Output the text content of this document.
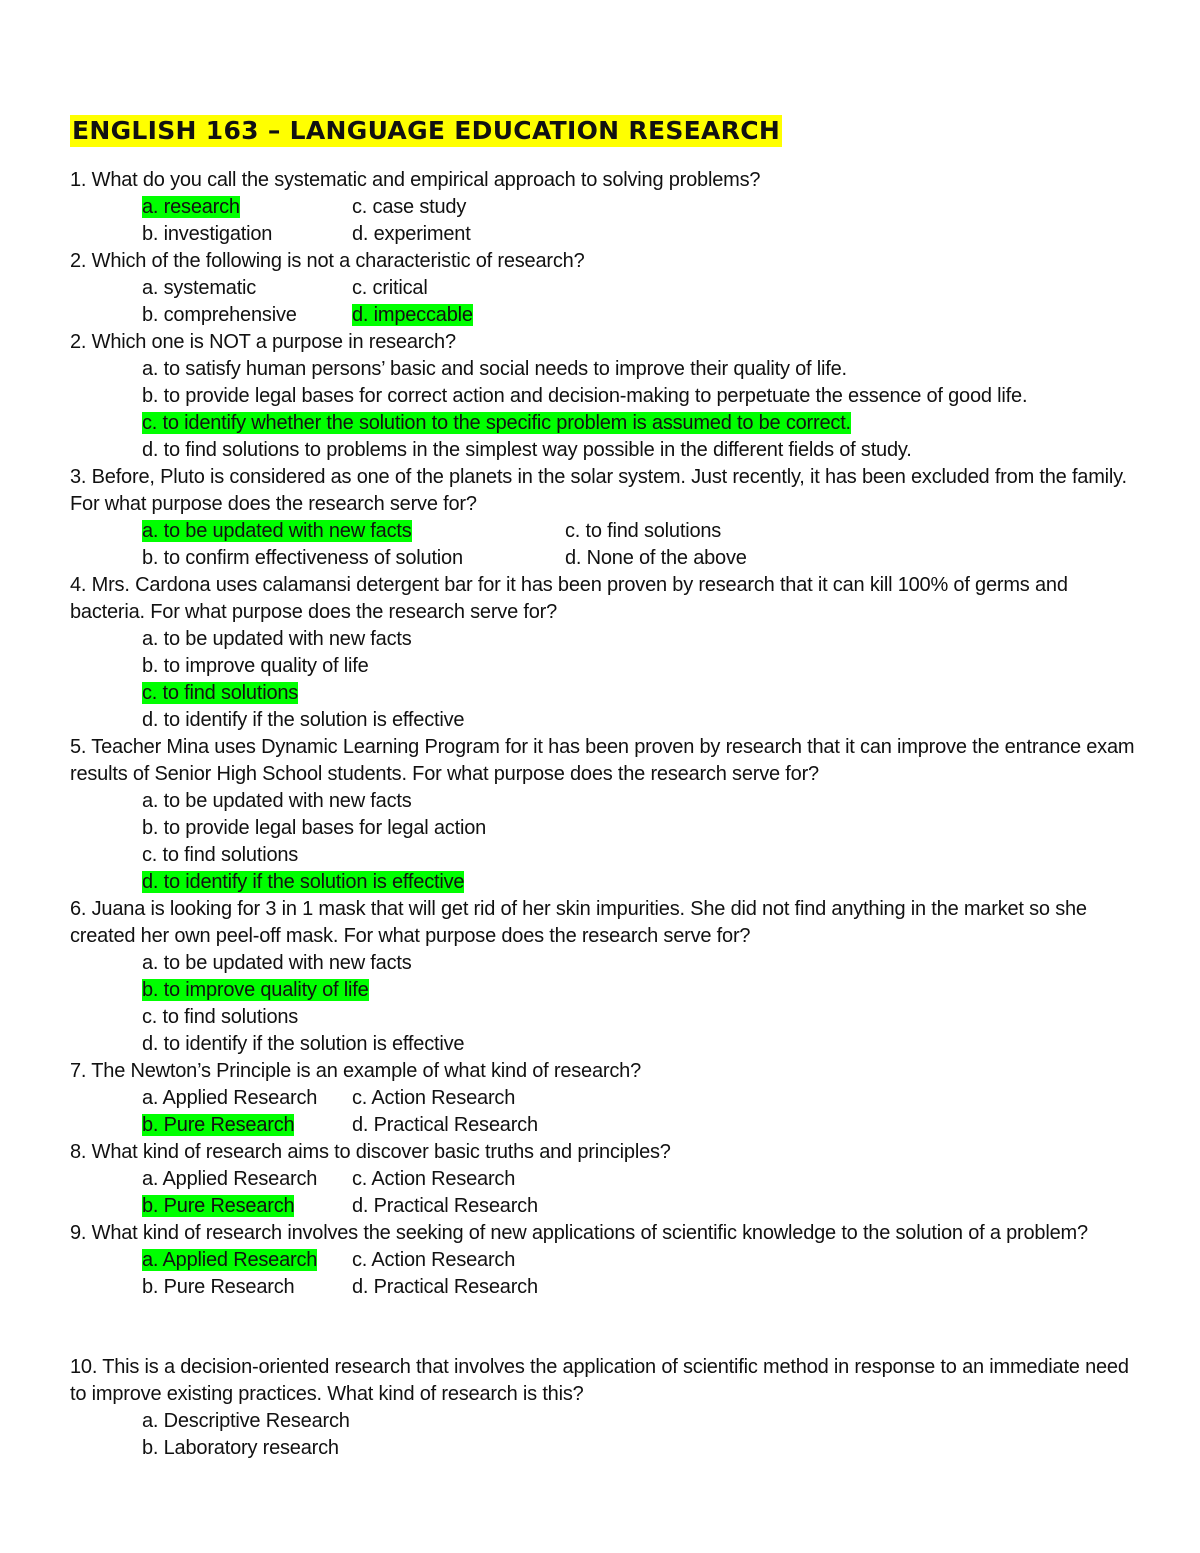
ENGLISH 163 – LANGUAGE EDUCATION RESEARCH
1. What do you call the systematic and empirical approach to solving problems?
a. research	c. case study
b. investigation	d. experiment
2. Which of the following is not a characteristic of research?
a. systematic	c. critical
b. comprehensive	d. impeccable
2. Which one is NOT a purpose in research?
a. to satisfy human persons’ basic and social needs to improve their quality of life.
b. to provide legal bases for correct action and decision-making to perpetuate the essence of good life.
c. to identify whether the solution to the specific problem is assumed to be correct.
d. to find solutions to problems in the simplest way possible in the different fields of study.
3. Before, Pluto is considered as one of the planets in the solar system. Just recently, it has been excluded from the family.
For what purpose does the research serve for?
a. to be updated with new facts	c. to find solutions
b. to confirm effectiveness of solution	d. None of the above
4. Mrs. Cardona uses calamansi detergent bar for it has been proven by research that it can kill 100% of germs and
bacteria. For what purpose does the research serve for?
a. to be updated with new facts
b. to improve quality of life
c. to find solutions
d. to identify if the solution is effective
5. Teacher Mina uses Dynamic Learning Program for it has been proven by research that it can improve the entrance exam
results of Senior High School students. For what purpose does the research serve for?
a. to be updated with new facts
b. to provide legal bases for legal action
c. to find solutions
d. to identify if the solution is effective
6. Juana is looking for 3 in 1 mask that will get rid of her skin impurities. She did not find anything in the market so she
created her own peel-off mask. For what purpose does the research serve for?
a. to be updated with new facts
b. to improve quality of life
c. to find solutions
d. to identify if the solution is effective
7. The Newton’s Principle is an example of what kind of research?
a. Applied Research c. Action Research
b. Pure Research	d. Practical Research
8. What kind of research aims to discover basic truths and principles?
a. Applied Research c. Action Research
b. Pure Research	d. Practical Research
9. What kind of research involves the seeking of new applications of scientific knowledge to the solution of a problem?
a. Applied Research c. Action Research
b. Pure Research	d. Practical Research
10. This is a decision-oriented research that involves the application of scientific method in response to an immediate need
to improve existing practices. What kind of research is this?
a. Descriptive Research
b. Laboratory research
